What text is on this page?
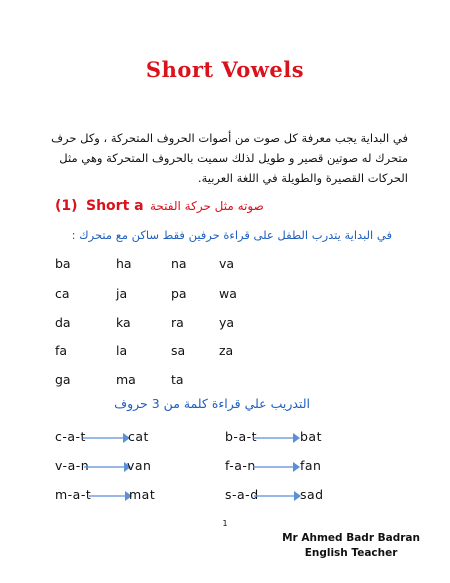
Short Vowels
في البداية يجب معرفة كل صوت من أصوات الحروف المتحركة ، وكل حرف متحرك له صوتين قصير و طويل لذلك سميت بالحروف المتحركة وهي مثل الحركات القصيرة والطويلة في اللغة العربية.
(1) Short a صوته مثل حركة الفتحة
في البداية يتدرب الطفل على قراءة حرفين فقط ساكن مع متحرك :
ba	ha	na	va
ca	ja	pa	wa
da	ka	ra	ya
fa	la	sa	za
ga	ma	ta
التدريب علي قراءة كلمة من 3 حروف
c-a-t	cat	b-a-t	bat
v-a-n	van	f-a-n	fan
m-a-t	mat	s-a-d	sad
1
Mr Ahmed Badr Badran
English Teacher
